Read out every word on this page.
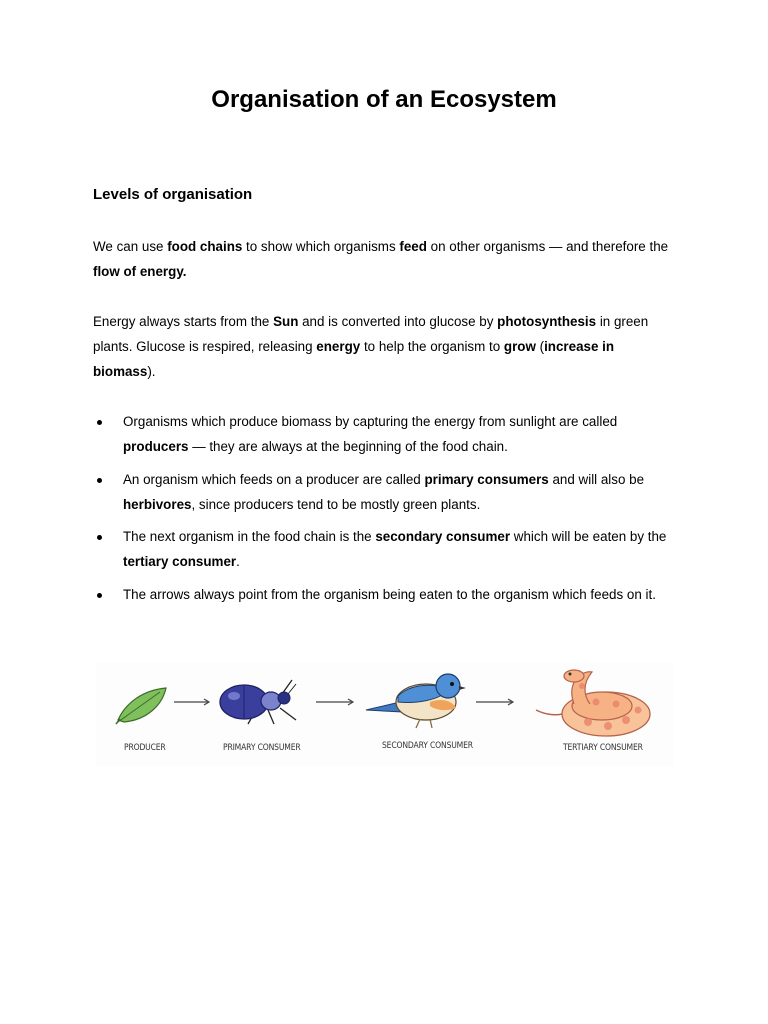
Organisation of an Ecosystem
Levels of organisation

We can use food chains to show which organisms feed on other organisms — and therefore the flow of energy.

Energy always starts from the Sun and is converted into glucose by photosynthesis in green plants. Glucose is respired, releasing energy to help the organism to grow (increase in biomass).

Organisms which produce biomass by capturing the energy from sunlight are called producers — they are always at the beginning of the food chain.
An organism which feeds on a producer are called primary consumers and will also be herbivores, since producers tend to be mostly green plants.
The next organism in the food chain is the secondary consumer which will be eaten by the tertiary consumer.
The arrows always point from the organism being eaten to the organism which feeds on it.
PRODUCER	PRIMARY CONSUMER	SECONDARY CONSUMER	TERTIARY CONSUMER
